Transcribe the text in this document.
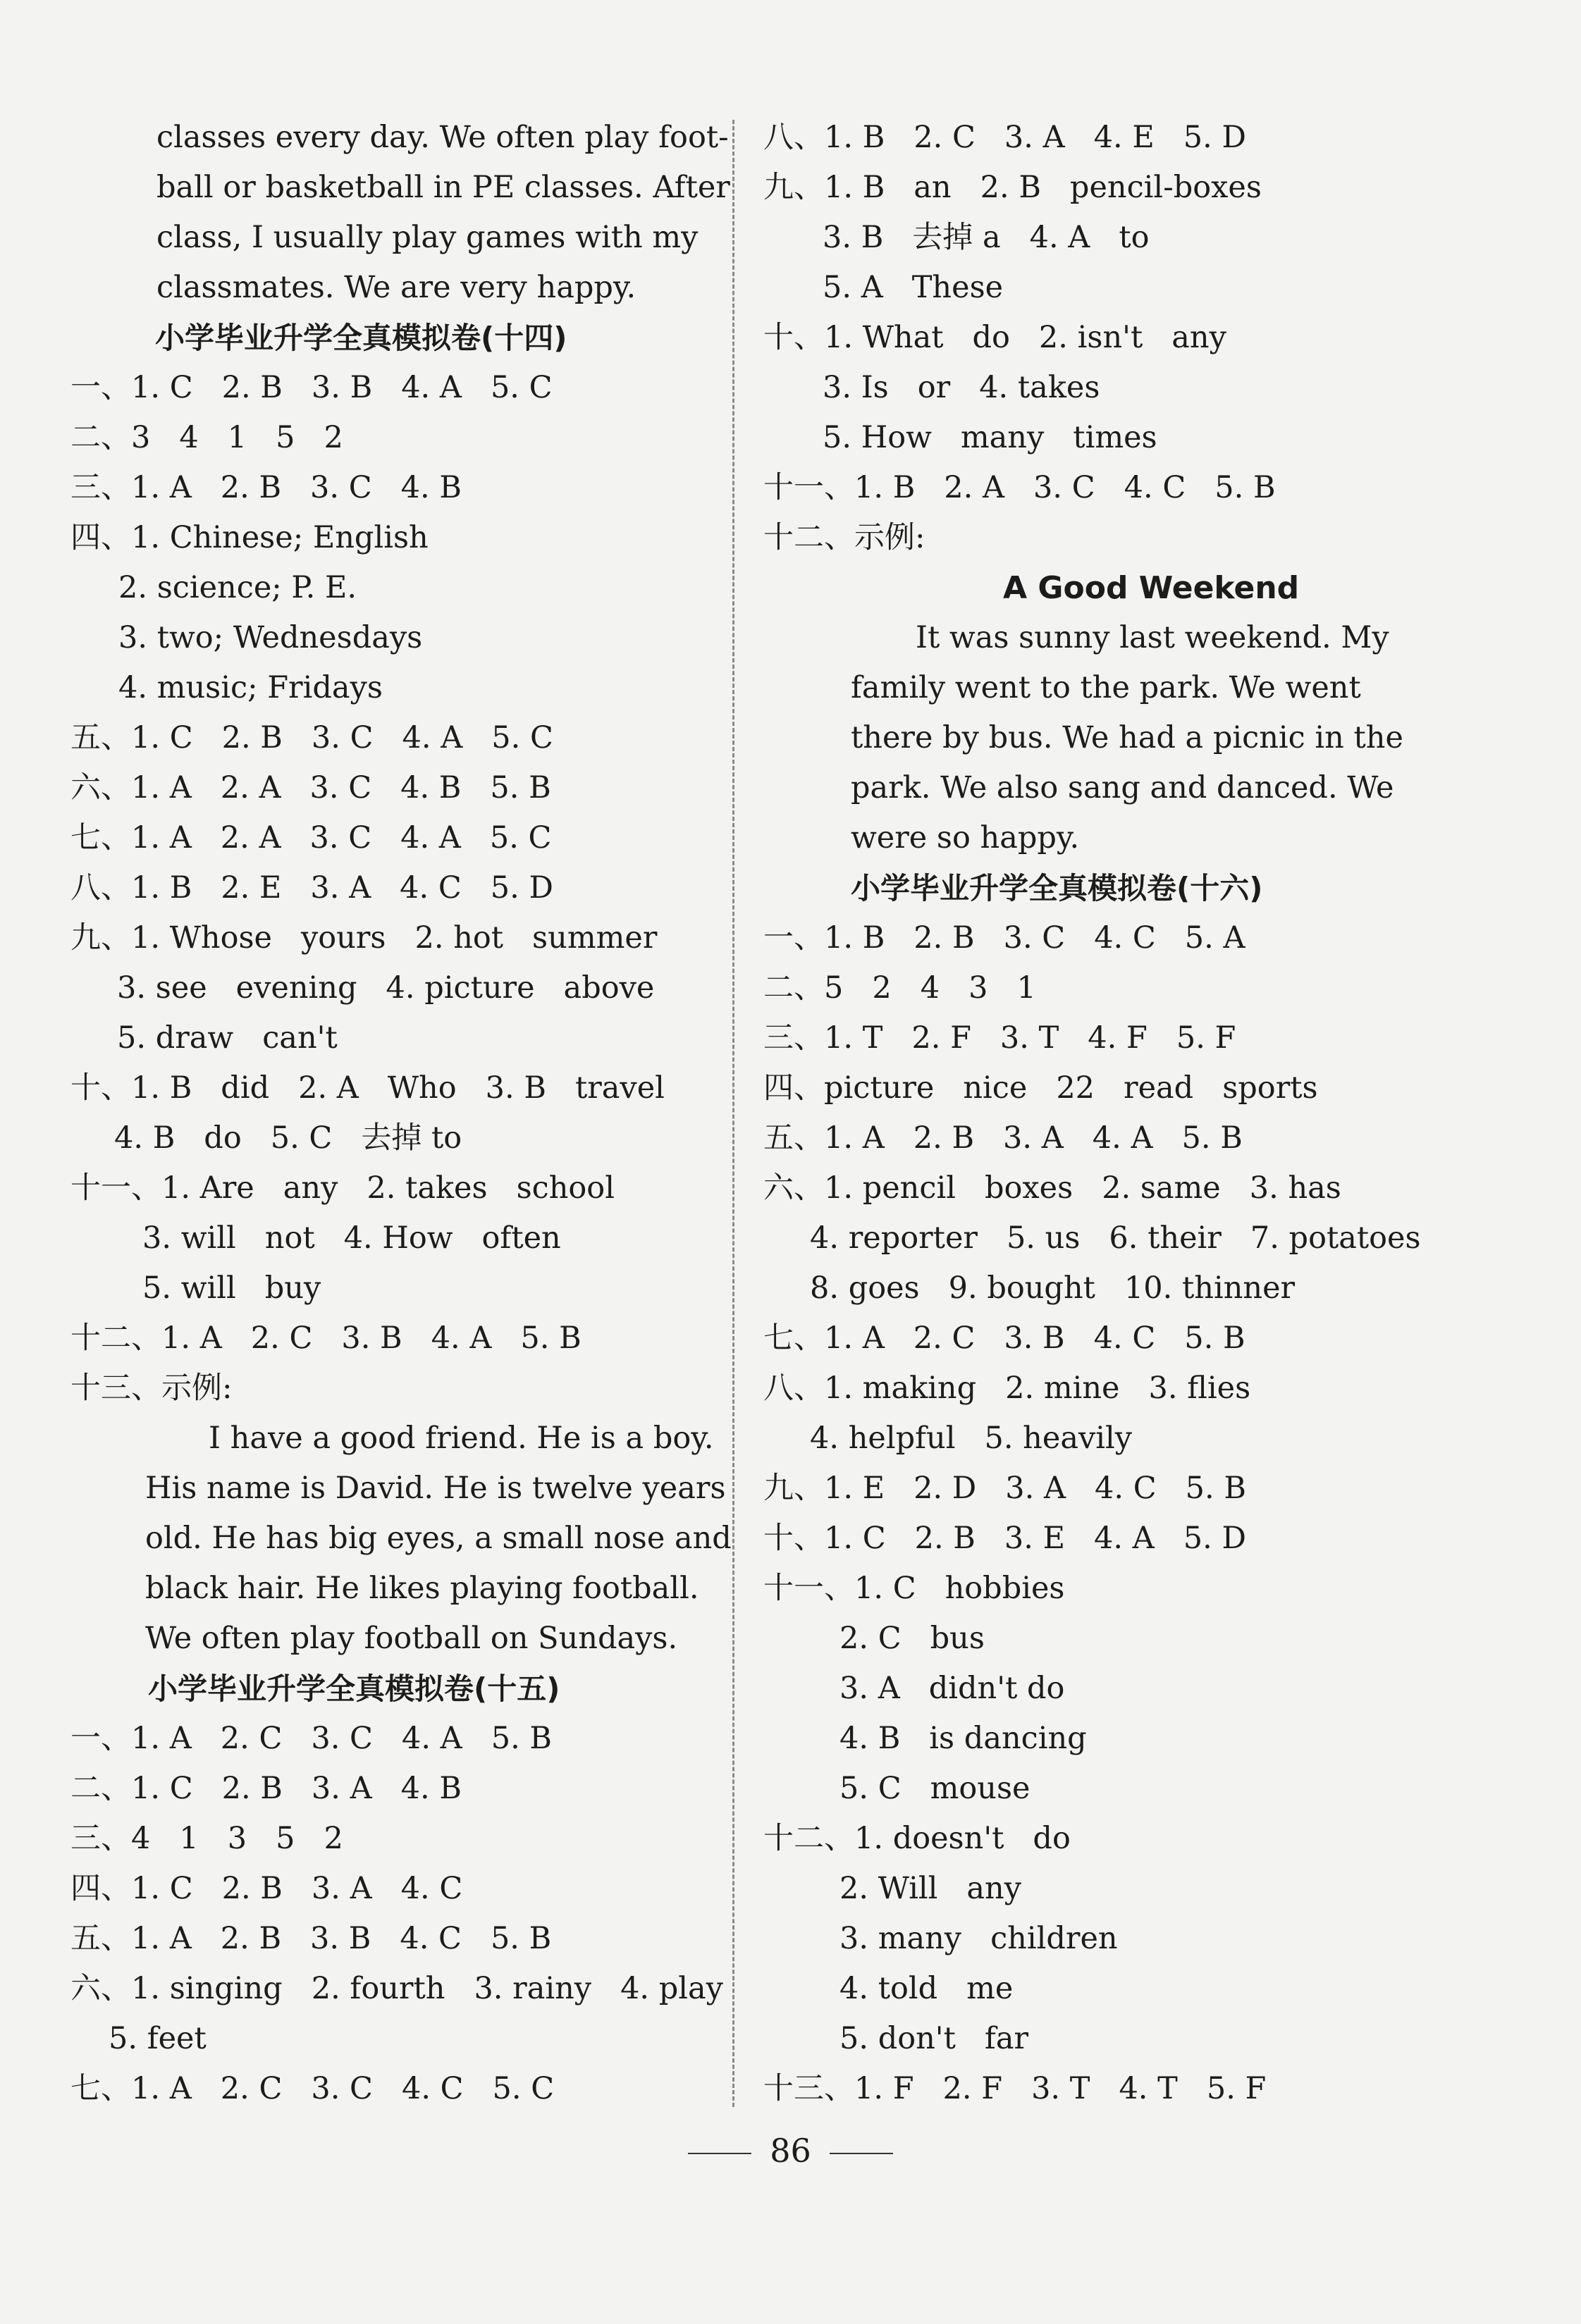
classes every day. We often play foot-
ball or basketball in PE classes. After
class, I usually play games with my
classmates. We are very happy.
小学毕业升学全真模拟卷(十四)
一、1. C   2. B   3. B   4. A   5. C
二、3   4   1   5   2
三、1. A   2. B   3. C   4. B
四、1. Chinese; English
2. science; P. E.
3. two; Wednesdays
4. music; Fridays
五、1. C   2. B   3. C   4. A   5. C
六、1. A   2. A   3. C   4. B   5. B
七、1. A   2. A   3. C   4. A   5. C
八、1. B   2. E   3. A   4. C   5. D
九、1. Whose   yours   2. hot   summer
3. see   evening   4. picture   above
5. draw   can't
十、1. B   did   2. A   Who   3. B   travel
4. B   do   5. C   去掉 to
十一、1. Are   any   2. takes   school
3. will   not   4. How   often
5. will   buy
十二、1. A   2. C   3. B   4. A   5. B
十三、示例:
I have a good friend. He is a boy.
His name is David. He is twelve years
old. He has big eyes, a small nose and
black hair. He likes playing football.
We often play football on Sundays.
小学毕业升学全真模拟卷(十五)
一、1. A   2. C   3. C   4. A   5. B
二、1. C   2. B   3. A   4. B
三、4   1   3   5   2
四、1. C   2. B   3. A   4. C
五、1. A   2. B   3. B   4. C   5. B
六、1. singing   2. fourth   3. rainy   4. play
5. feet
七、1. A   2. C   3. C   4. C   5. C
八、1. B   2. C   3. A   4. E   5. D
九、1. B   an   2. B   pencil-boxes
3. B   去掉 a   4. A   to
5. A   These
十、1. What   do   2. isn't   any
3. Is   or   4. takes
5. How   many   times
十一、1. B   2. A   3. C   4. C   5. B
十二、示例:
A Good Weekend
It was sunny last weekend. My
family went to the park. We went
there by bus. We had a picnic in the
park. We also sang and danced. We
were so happy.
小学毕业升学全真模拟卷(十六)
一、1. B   2. B   3. C   4. C   5. A
二、5   2   4   3   1
三、1. T   2. F   3. T   4. F   5. F
四、picture   nice   22   read   sports
五、1. A   2. B   3. A   4. A   5. B
六、1. pencil   boxes   2. same   3. has
4. reporter   5. us   6. their   7. potatoes
8. goes   9. bought   10. thinner
七、1. A   2. C   3. B   4. C   5. B
八、1. making   2. mine   3. flies
4. helpful   5. heavily
九、1. E   2. D   3. A   4. C   5. B
十、1. C   2. B   3. E   4. A   5. D
十一、1. C   hobbies
2. C   bus
3. A   didn't do
4. B   is dancing
5. C   mouse
十二、1. doesn't   do
2. Will   any
3. many   children
4. told   me
5. don't   far
十三、1. F   2. F   3. T   4. T   5. F
86
